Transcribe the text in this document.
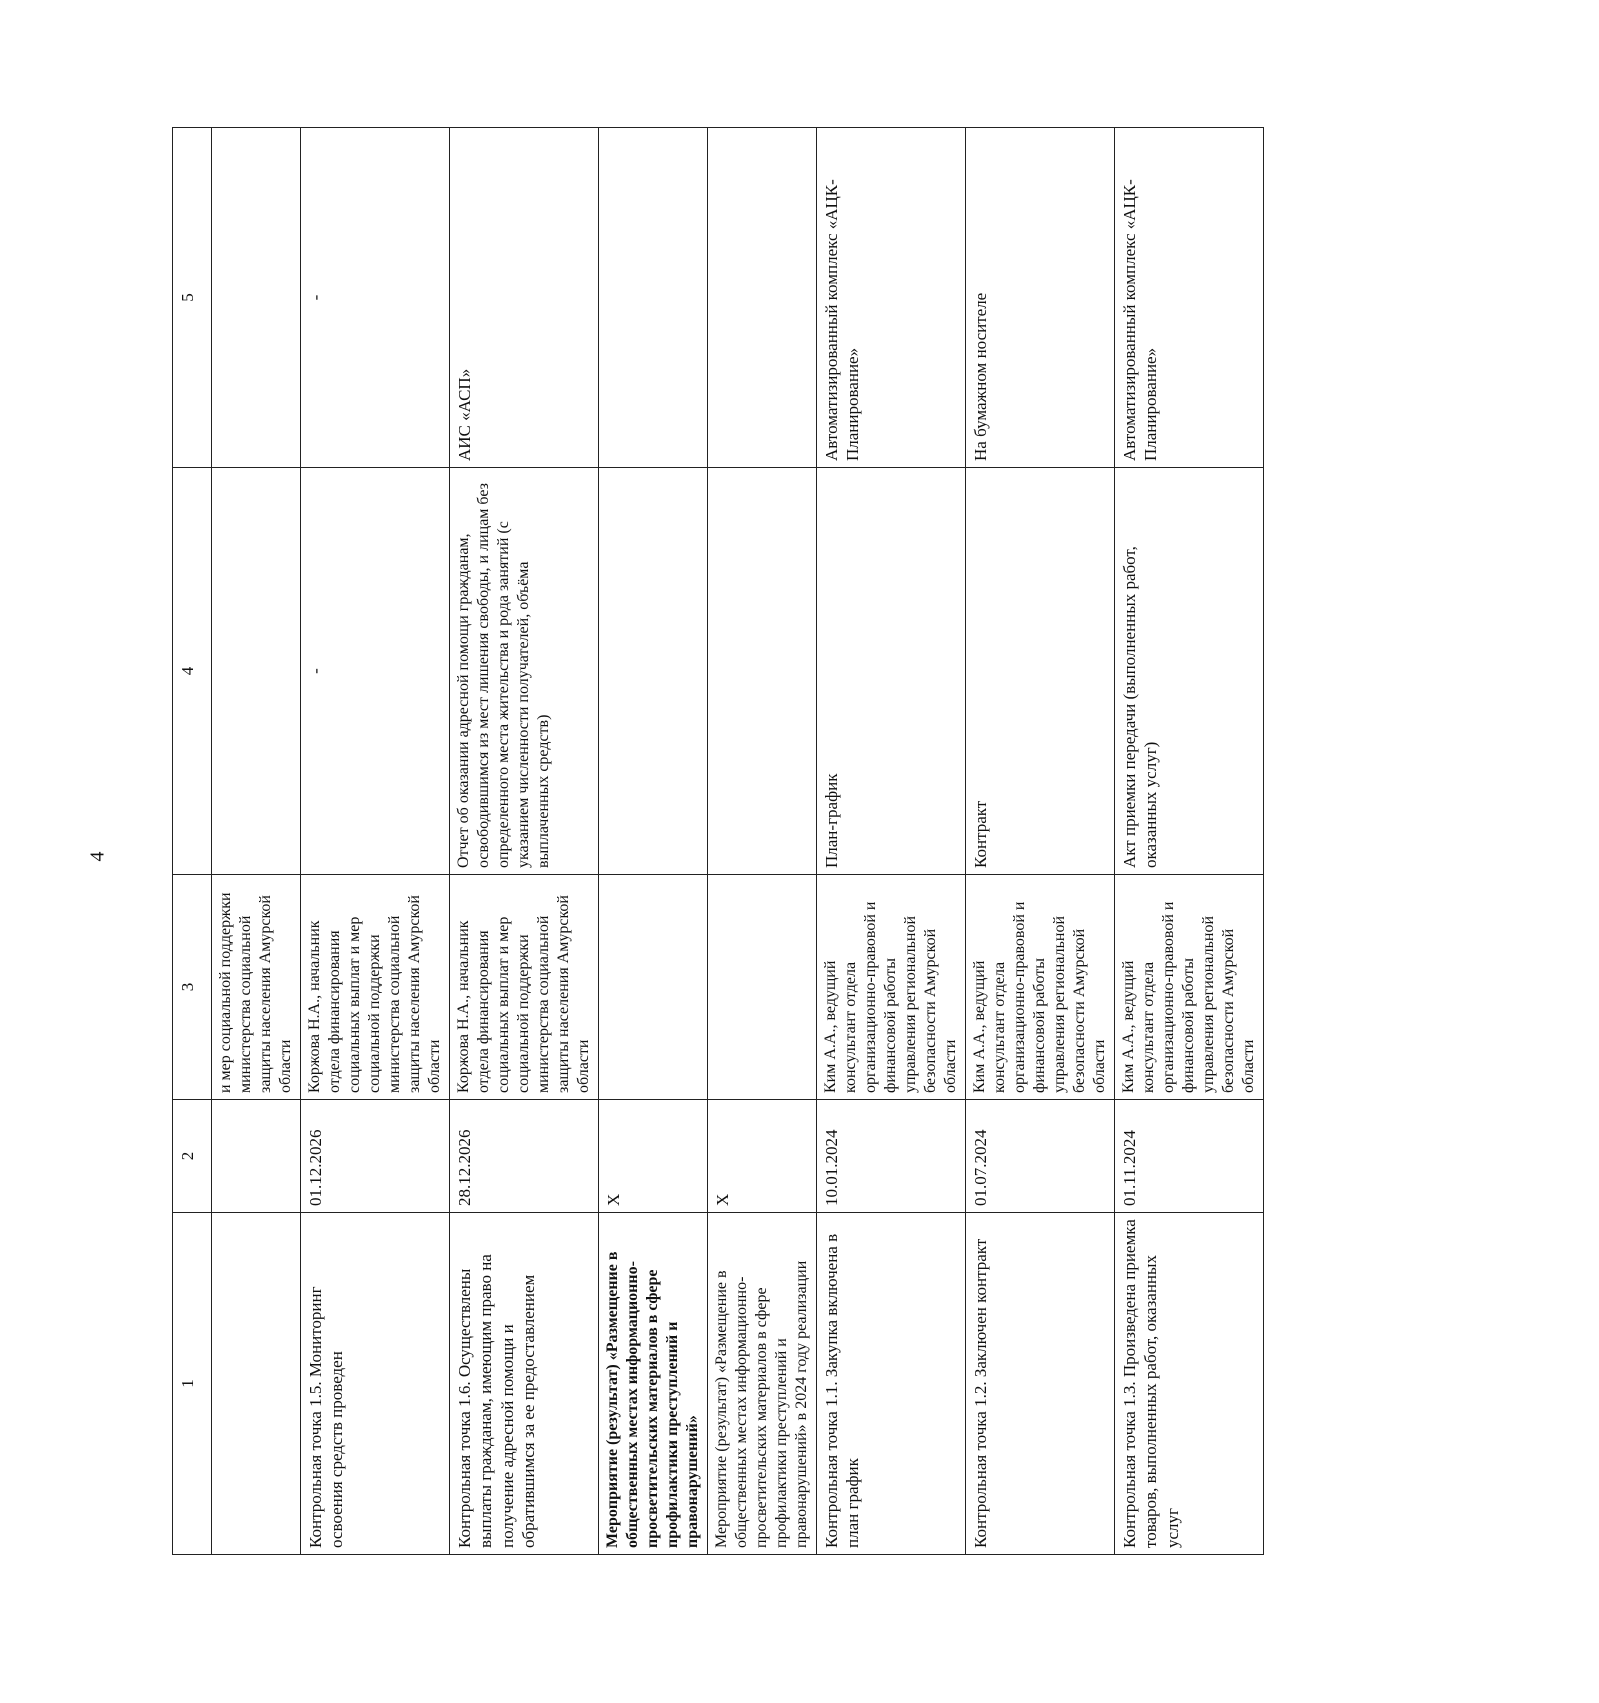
4
1	2	3	4	5
		и мер социальной поддержки министерства социальной защиты населения Амурской области		
Контрольная точка 1.5. Мониторинг освоения средств проведен	01.12.2026	Коржова Н.А., начальник отдела финансирования социальных выплат и мер социальной поддержки министерства социальной защиты населения Амурской области	-	-
Контрольная точка 1.6. Осуществлены выплаты гражданам, имеющим право на получение адресной помощи и обратившимся за ее предоставлением	28.12.2026	Коржова Н.А., начальник отдела финансирования социальных выплат и мер социальной поддержки министерства социальной защиты населения Амурской области	Отчет об оказании адресной помощи гражданам, освободившимся из мест лишения свободы, и лицам без определенного места жительства и рода занятий (с указанием численности получателей, объёма выплаченных средств)	АИС «АСП»
Мероприятие (результат) «Размещение в общественных местах информационно-просветительских материалов в сфере профилактики преступлений и правонарушений»	Х			
Мероприятие (результат) «Размещение в общественных местах информационно-просветительских материалов в сфере профилактики преступлений и правонарушений» в 2024 году реализации	Х			
Контрольная точка 1.1. Закупка включена в план график	10.01.2024	Ким А.А., ведущий консультант отдела организационно-правовой и финансовой работы управления региональной безопасности Амурской области	План-график	Автоматизированный комплекс «АЦК-Планирование»
Контрольная точка 1.2. Заключен контракт	01.07.2024	Ким А.А., ведущий консультант отдела организационно-правовой и финансовой работы управления региональной безопасности Амурской области	Контракт	На бумажном носителе
Контрольная точка 1.3. Произведена приемка товаров, выполненных работ, оказанных услуг	01.11.2024	Ким А.А., ведущий консультант отдела организационно-правовой и финансовой работы управления региональной безопасности Амурской области	Акт приемки передачи (выполненных работ, оказанных услуг)	Автоматизированный комплекс «АЦК-Планирование»
